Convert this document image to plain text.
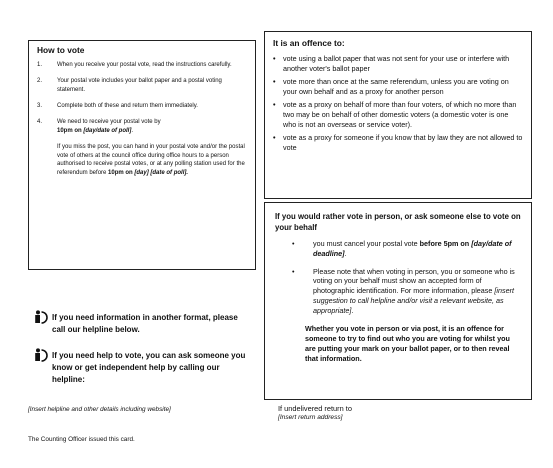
How to vote

1. When you receive your postal vote, read the instructions carefully.
2. Your postal vote includes your ballot paper and a postal voting statement.
3. Complete both of these and return them immediately.
4. We need to receive your postal vote by
10pm on [day/date of poll].

If you miss the post, you can hand in your postal vote and/or the postal vote of others at the council office during office hours to a person authorised to receive postal votes, or at any polling station used for the referendum before 10pm on [day] [date of poll].

It is an offence to:

• vote using a ballot paper that was not sent for your use or interfere with another voter's ballot paper
• vote more than once at the same referendum, unless you are voting on your own behalf and as a proxy for another person
• vote as a proxy on behalf of more than four voters, of which no more than two may be on behalf of other domestic voters (a domestic voter is one who is not an overseas or service voter).
• vote as a proxy for someone if you know that by law they are not allowed to vote

If you would rather vote in person, or ask someone else to vote on your behalf

• you must cancel your postal vote before 5pm on [day/date of deadline].
• Please note that when voting in person, you or someone who is voting on your behalf must show an accepted form of photographic identification. For more information, please [insert suggestion to call helpline and/or visit a relevant website, as appropriate].

Whether you vote in person or via post, it is an offence for someone to try to find out who you are voting for whilst you are putting your mark on your ballot paper, or to then reveal that information.

If you need information in another format, please call our helpline below.
If you need help to vote, you can ask someone you know or get independent help by calling our helpline:
[Insert helpline and other details including website]
The Counting Officer issued this card.
If undelivered return to
[Insert return address]
